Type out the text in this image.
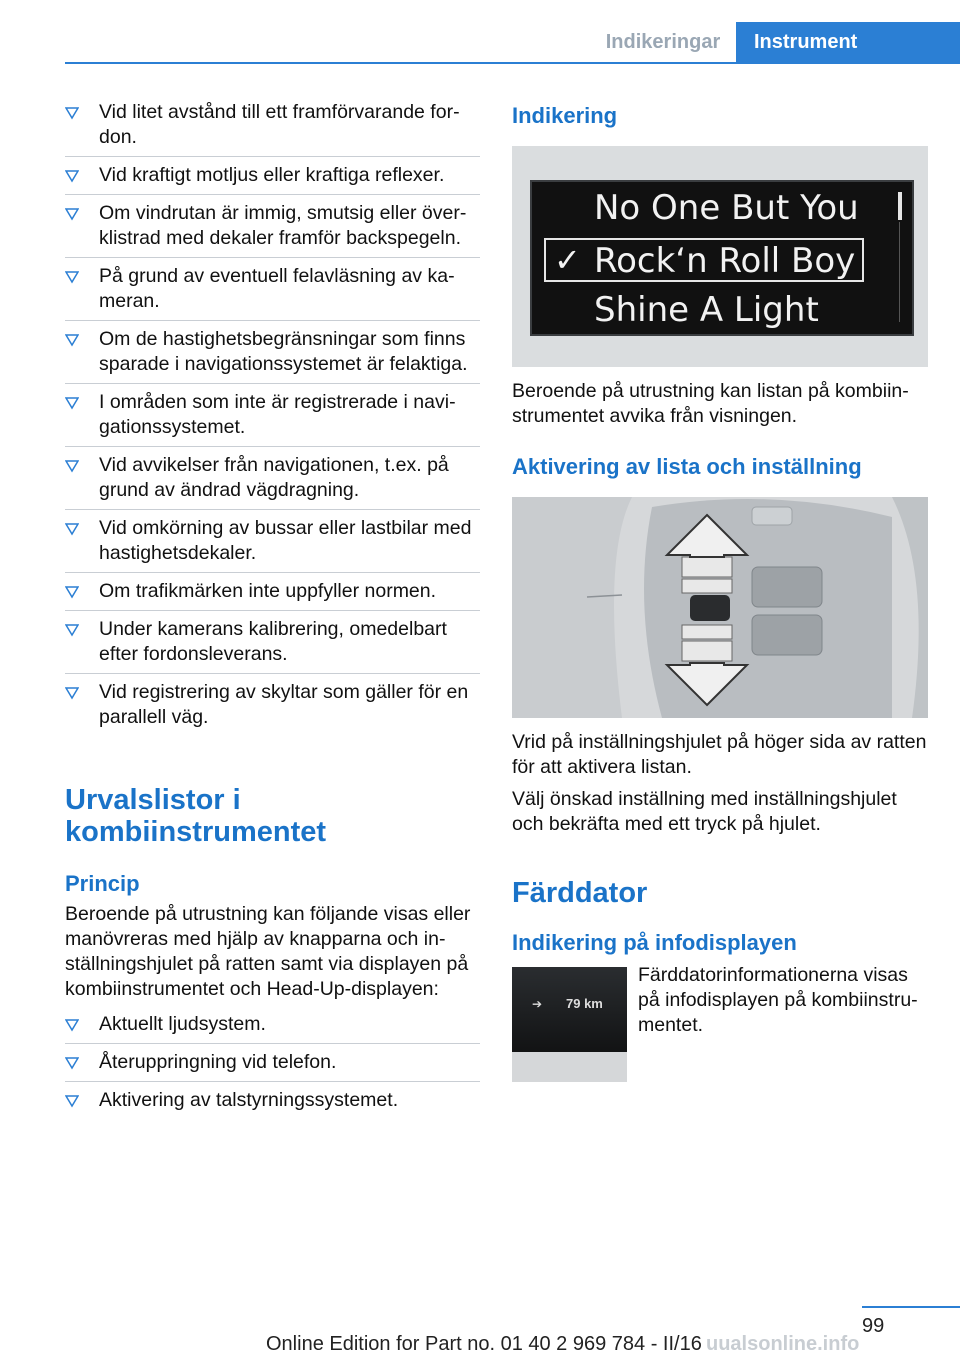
Indikeringar	Instrument
Vid litet avstånd till ett framförvarande fordon.
Vid kraftigt motljus eller kraftiga reflexer.
Om vindrutan är immig, smutsig eller överklistrad med dekaler framför backspegeln.
På grund av eventuell felavläsning av kameran.
Om de hastighetsbegränsningar som finns sparade i navigationssystemet är felaktiga.
I områden som inte är registrerade i navigationssystemet.
Vid avvikelser från navigationen, t.ex. på grund av ändrad vägdragning.
Vid omkörning av bussar eller lastbilar med hastighetsdekaler.
Om trafikmärken inte uppfyller normen.
Under kamerans kalibrering, omedelbart efter fordonsleverans.
Vid registrering av skyltar som gäller för en parallell väg.
Urvalslistor i kombiinstrumentet
Princip

Beroende på utrustning kan följande visas eller manövreras med hjälp av knapparna och inställningshjulet på ratten samt via displayen på kombiinstrumentet och Head-Up-displayen:

Aktuellt ljudsystem.
Återuppringning vid telefon.
Aktivering av talstyrningssystemet.
Indikering
No One But You
✓ Rock‘n Roll Boy
Shine A Light

Beroende på utrustning kan listan på kombiinstrumentet avvika från visningen.

Aktivering av lista och inställning

Vrid på inställningshjulet på höger sida av ratten för att aktivera listan.

Välj önskad inställning med inställningshjulet och bekräfta med ett tryck på hjulet.

Färddator
Indikering på infodisplayen
➔ 79 km

Färddatorinformationerna visas på infodisplayen på kombiinstrumentet.

99
Online Edition for Part no. 01 40 2 969 784 - II/16 uualsonline.info
